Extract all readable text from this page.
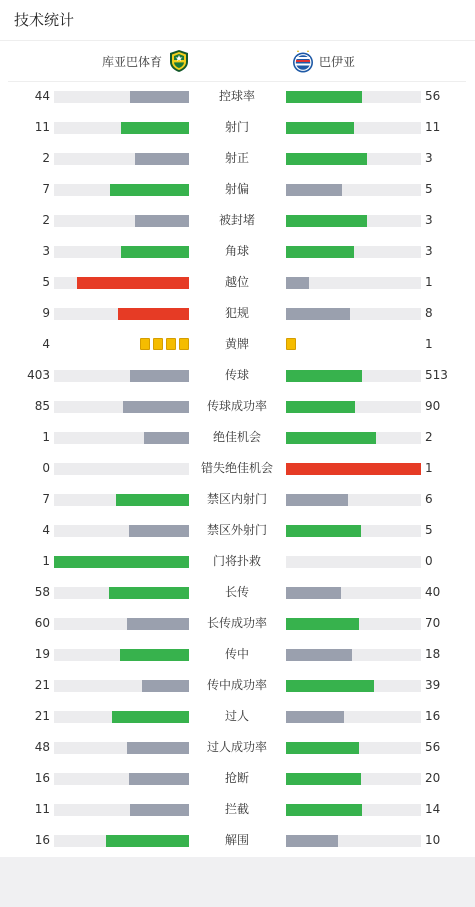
技术统计
库亚巴体育	巴伊亚
44	控球率	56
11	射门	11
2	射正	3
7	射偏	5
2	被封堵	3
3	角球	3
5	越位	1
9	犯规	8
4	黄牌	1
403	传球	513
85	传球成功率	90
1	绝佳机会	2
0	错失绝佳机会	1
7	禁区内射门	6
4	禁区外射门	5
1	门将扑救	0
58	长传	40
60	长传成功率	70
19	传中	18
21	传中成功率	39
21	过人	16
48	过人成功率	56
16	抢断	20
11	拦截	14
16	解围	10
